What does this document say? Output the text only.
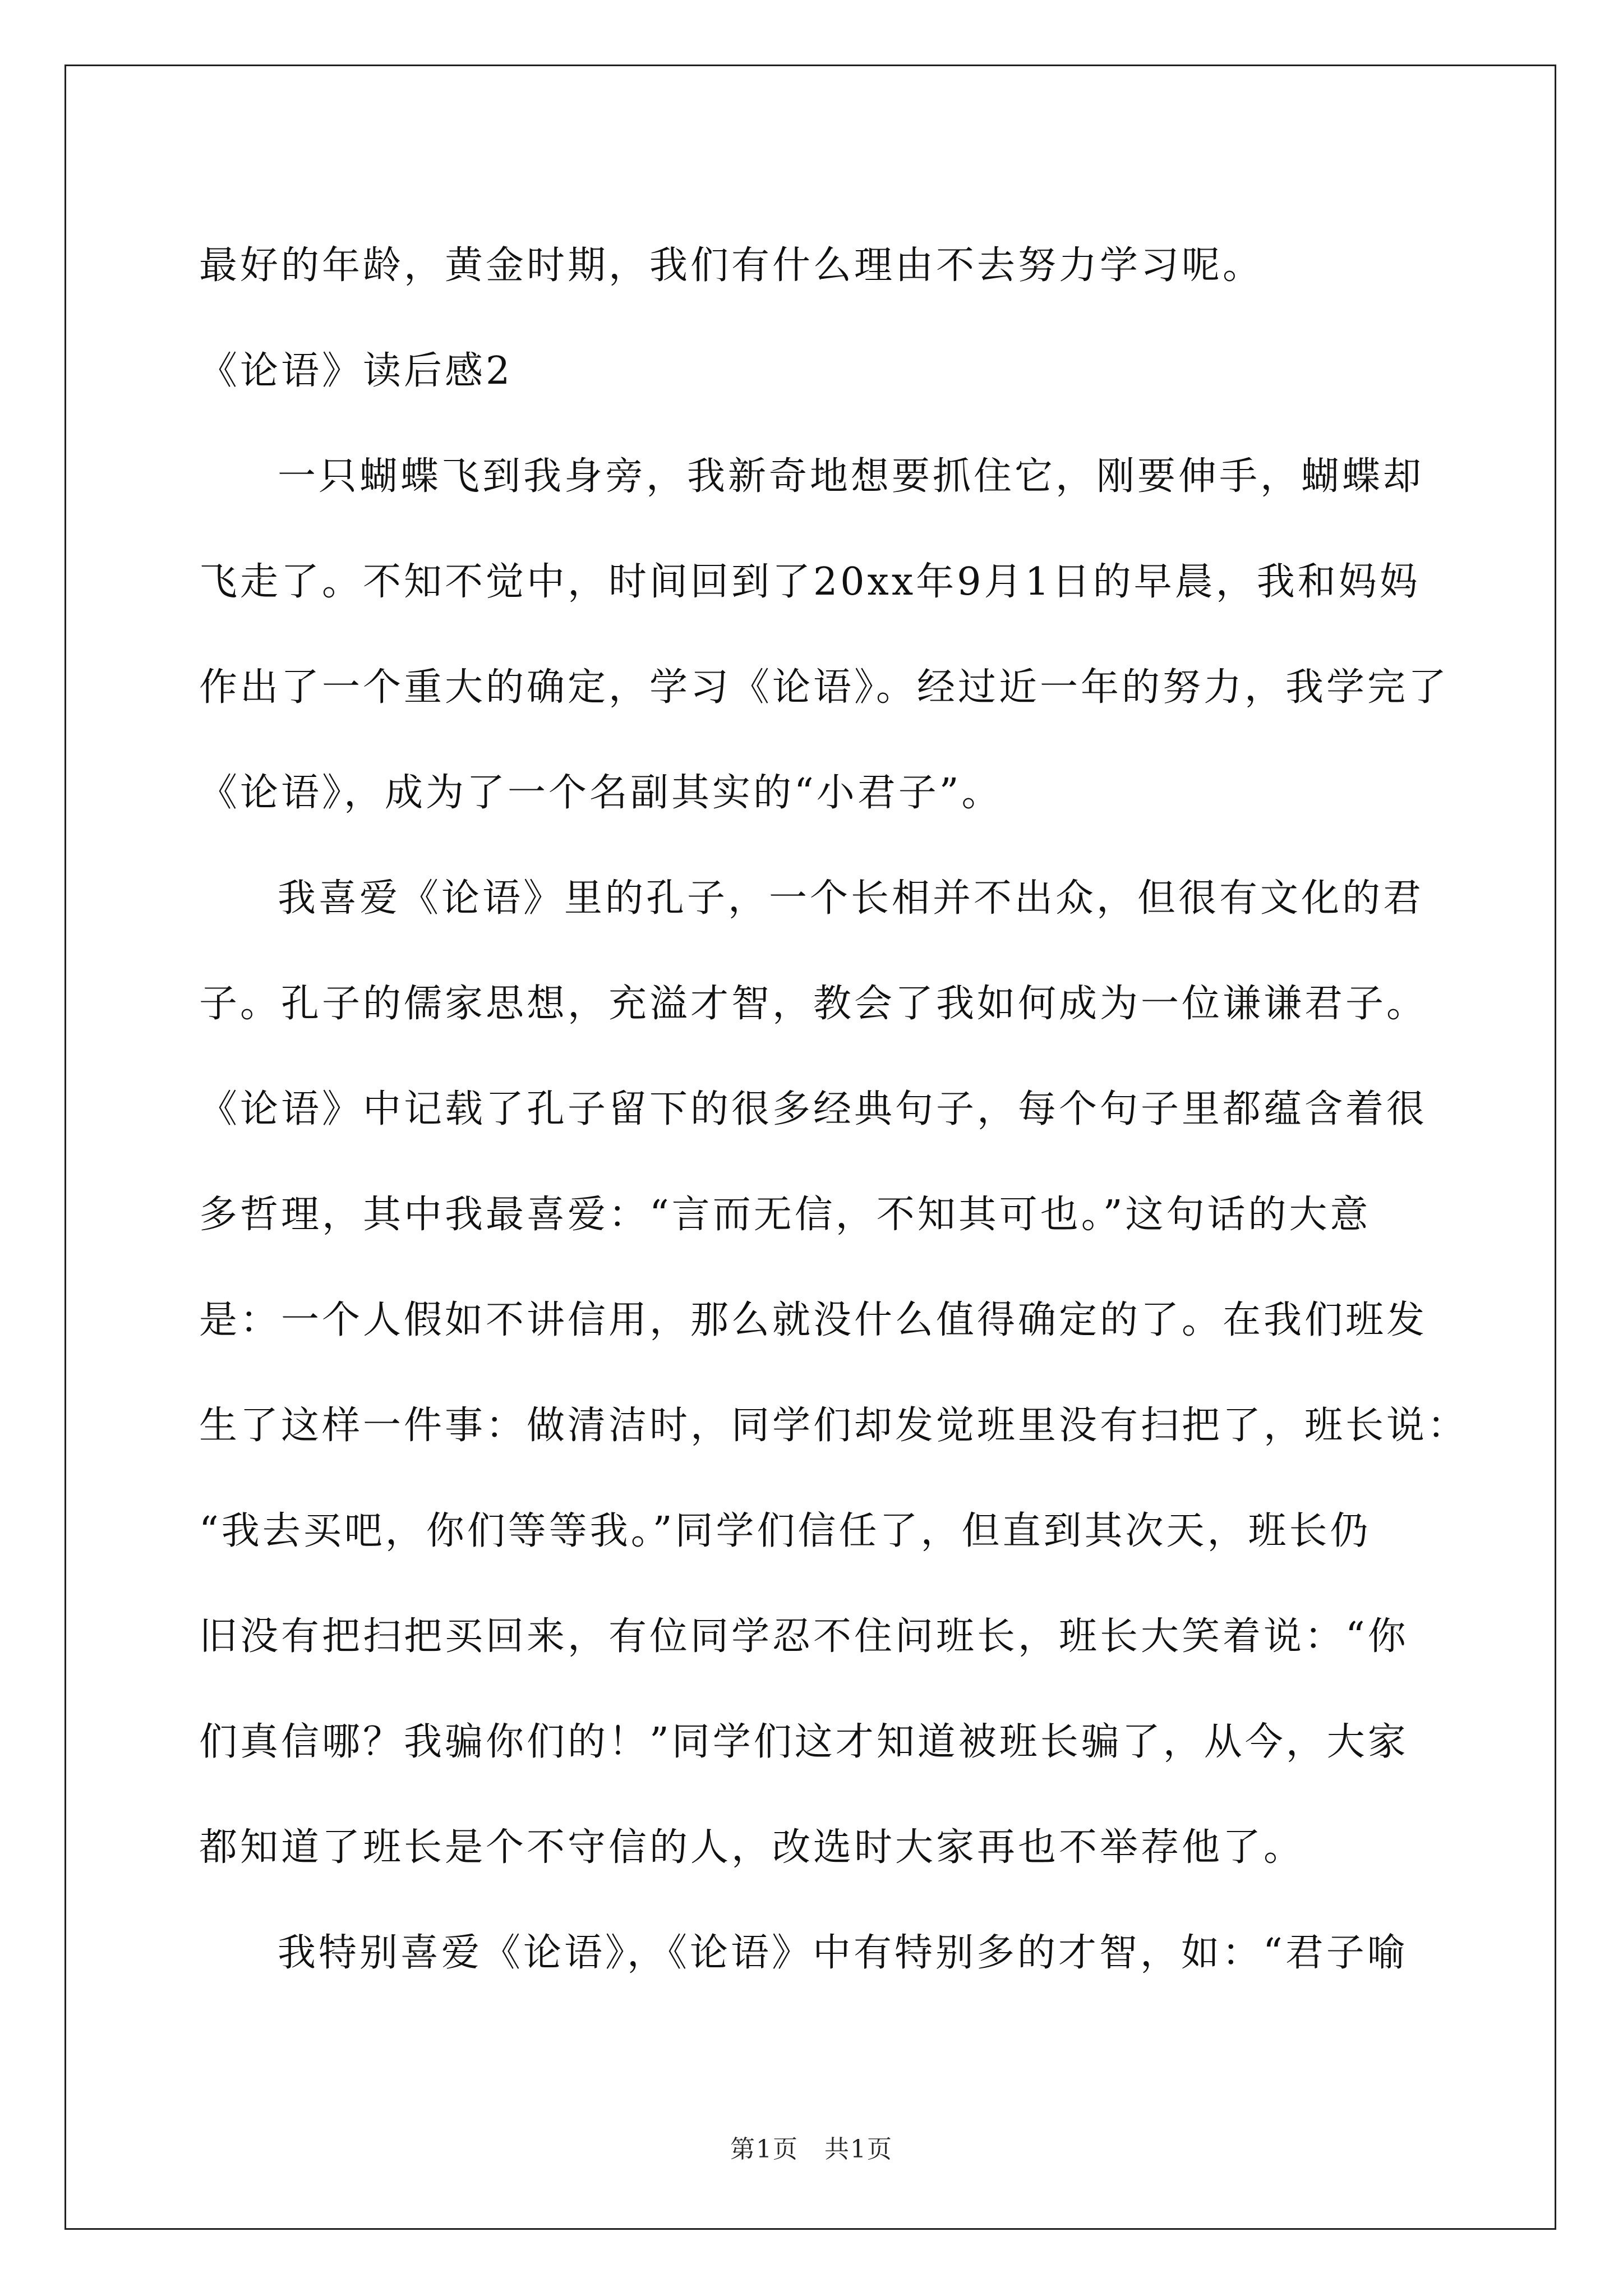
最好的年龄，黄金时期，我们有什么理由不去努力学习呢。
《论语》读后感2
一只蝴蝶飞到我身旁，我新奇地想要抓住它，刚要伸手，蝴蝶却
飞走了。不知不觉中，时间回到了20xx年9月1日的早晨，我和妈妈
作出了一个重大的确定，学习《论语》。经过近一年的努力，我学完了
《论语》，成为了一个名副其实的“小君子”。
我喜爱《论语》里的孔子，一个长相并不出众，但很有文化的君
子。孔子的儒家思想，充溢才智，教会了我如何成为一位谦谦君子。
《论语》中记载了孔子留下的很多经典句子，每个句子里都蕴含着很
多哲理，其中我最喜爱：“言而无信，不知其可也。”这句话的大意
是：一个人假如不讲信用，那么就没什么值得确定的了。在我们班发
生了这样一件事：做清洁时，同学们却发觉班里没有扫把了，班长说：
“我去买吧，你们等等我。”同学们信任了，但直到其次天，班长仍
旧没有把扫把买回来，有位同学忍不住问班长，班长大笑着说：“你
们真信哪？我骗你们的！”同学们这才知道被班长骗了，从今，大家
都知道了班长是个不守信的人，改选时大家再也不举荐他了。
我特别喜爱《论语》，《论语》中有特别多的才智，如：“君子喻
第1页　共1页
